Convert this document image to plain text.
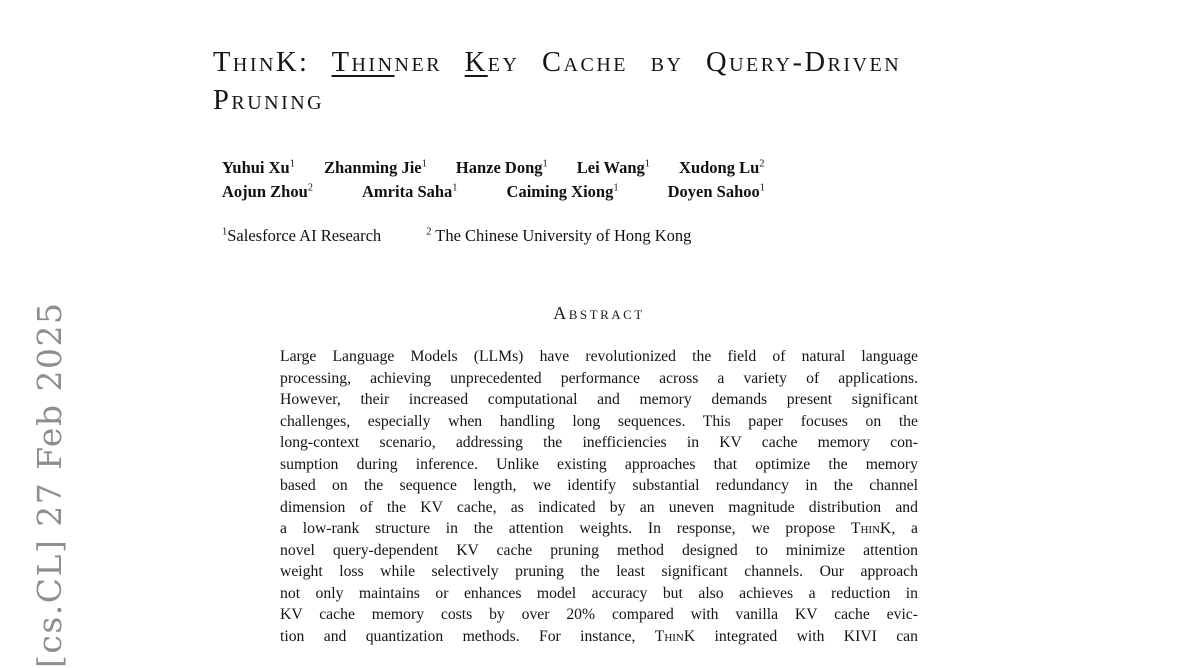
[cs.CL] 27 Feb 2025
ThinK: Thinner Key Cache by Query-Driven Pruning
Yuhui Xu$^1$ Zhanming Jie$^1$ Hanze Dong$^1$ Lei Wang$^1$ Xudong Lu$^2$
Aojun Zhou$^2$	Amrita Saha$^1$	Caiming Xiong$^1$	Doyen Sahoo$^1$
$^1$Salesforce AI Research	$^2$ The Chinese University of Hong Kong
Abstract
Large Language Models (LLMs) have revolutionized the field of natural language
processing, achieving unprecedented performance across a variety of applications.
However, their increased computational and memory demands present significant
challenges, especially when handling long sequences. This paper focuses on the
long-context scenario, addressing the inefficiencies in KV cache memory con-
sumption during inference. Unlike existing approaches that optimize the memory
based on the sequence length, we identify substantial redundancy in the channel
dimension of the KV cache, as indicated by an uneven magnitude distribution and
a low-rank structure in the attention weights. In response, we propose ThinK, a
novel query-dependent KV cache pruning method designed to minimize attention
weight loss while selectively pruning the least significant channels. Our approach
not only maintains or enhances model accuracy but also achieves a reduction in
KV cache memory costs by over 20% compared with vanilla KV cache evic-
tion and quantization methods. For instance, ThinK integrated with KIVI can
